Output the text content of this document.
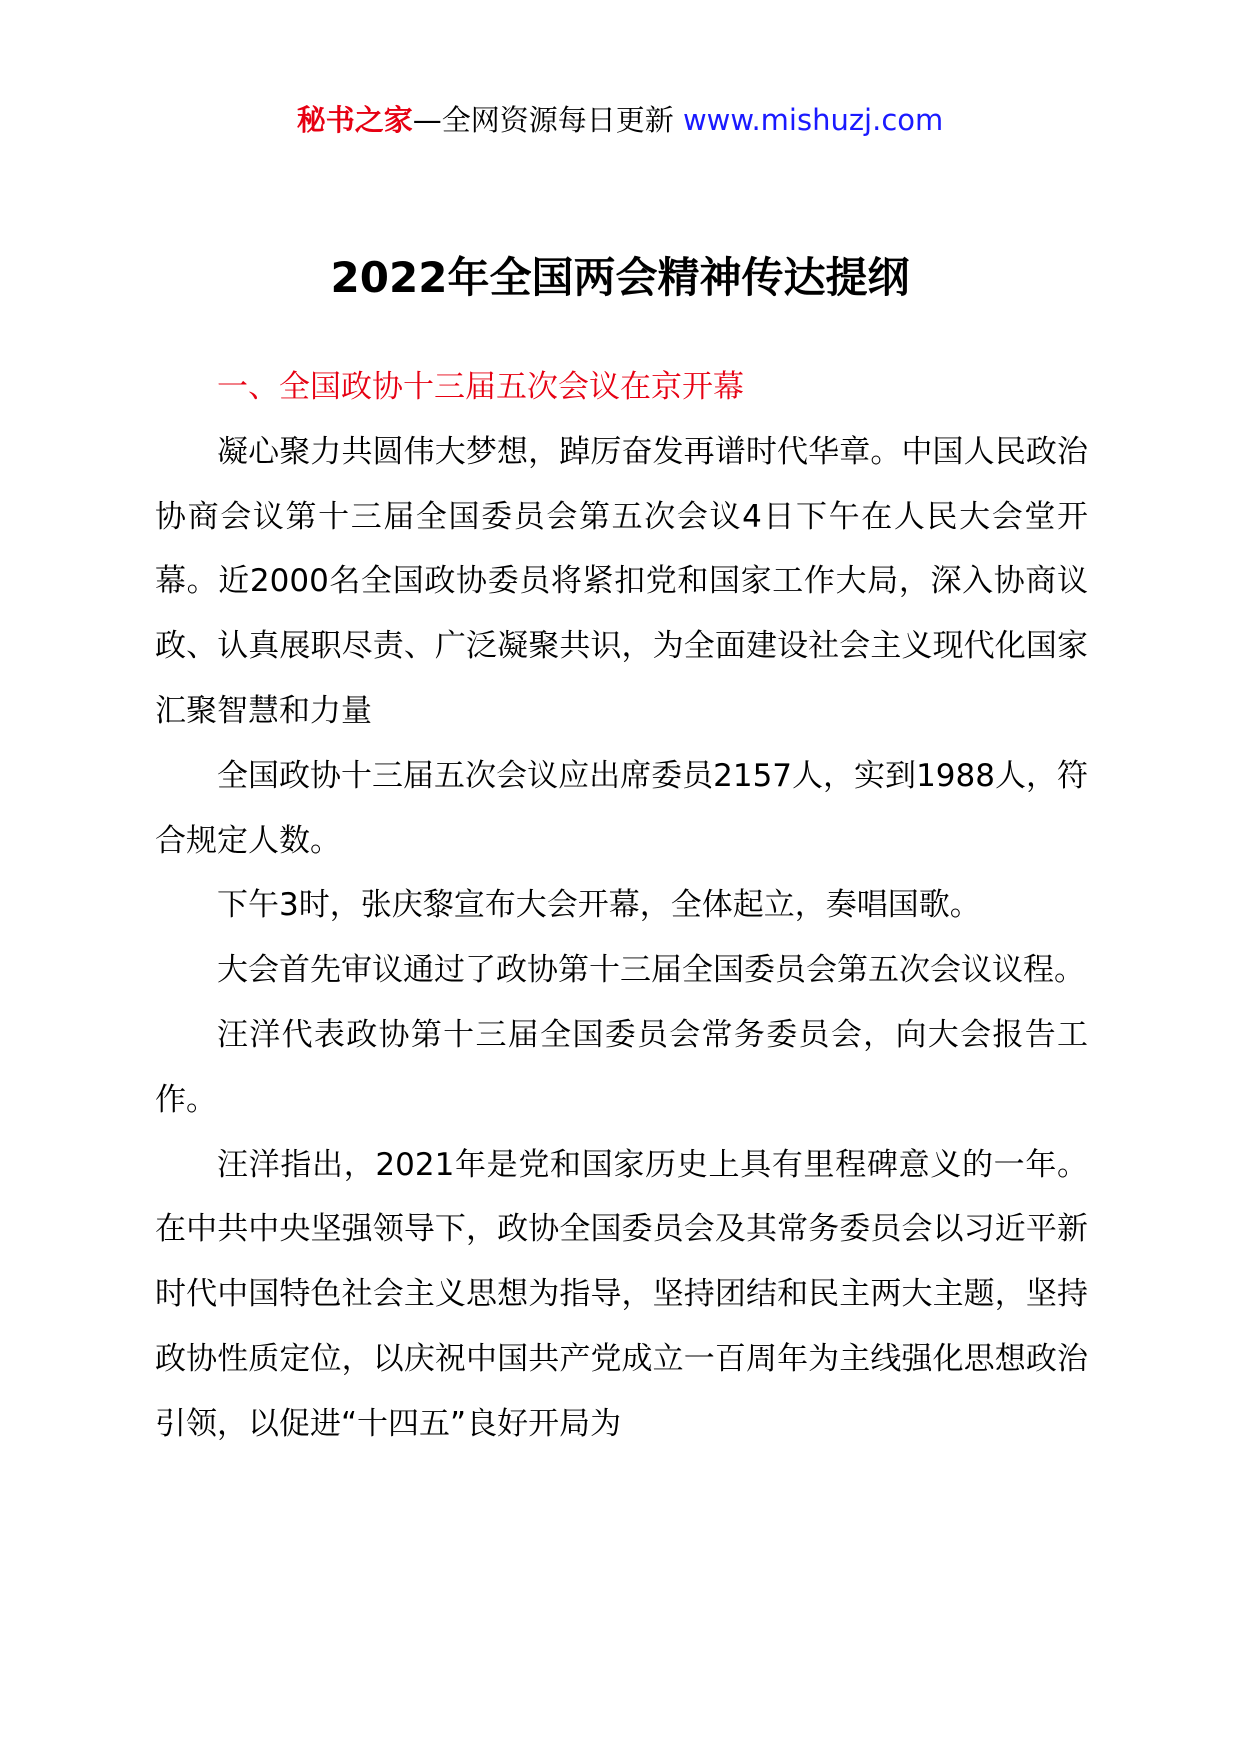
秘书之家—全网资源每日更新 www.mishuzj.com
2022年全国两会精神传达提纲

一、全国政协十三届五次会议在京开幕

凝心聚力共圆伟大梦想，踔厉奋发再谱时代华章。中国人民政治协商会议第十三届全国委员会第五次会议4日下午在人民大会堂开幕。近2000名全国政协委员将紧扣党和国家工作大局，深入协商议政、认真展职尽责、广泛凝聚共识，为全面建设社会主义现代化国家汇聚智慧和力量

全国政协十三届五次会议应出席委员2157人，实到1988人，符合规定人数。

下午3时，张庆黎宣布大会开幕，全体起立，奏唱国歌。

大会首先审议通过了政协第十三届全国委员会第五次会议议程。

汪洋代表政协第十三届全国委员会常务委员会，向大会报告工作。

汪洋指出，2021年是党和国家历史上具有里程碑意义的一年。在中共中央坚强领导下，政协全国委员会及其常务委员会以习近平新时代中国特色社会主义思想为指导，坚持团结和民主两大主题，坚持政协性质定位，以庆祝中国共产党成立一百周年为主线强化思想政治引领，以促进“十四五”良好开局为
